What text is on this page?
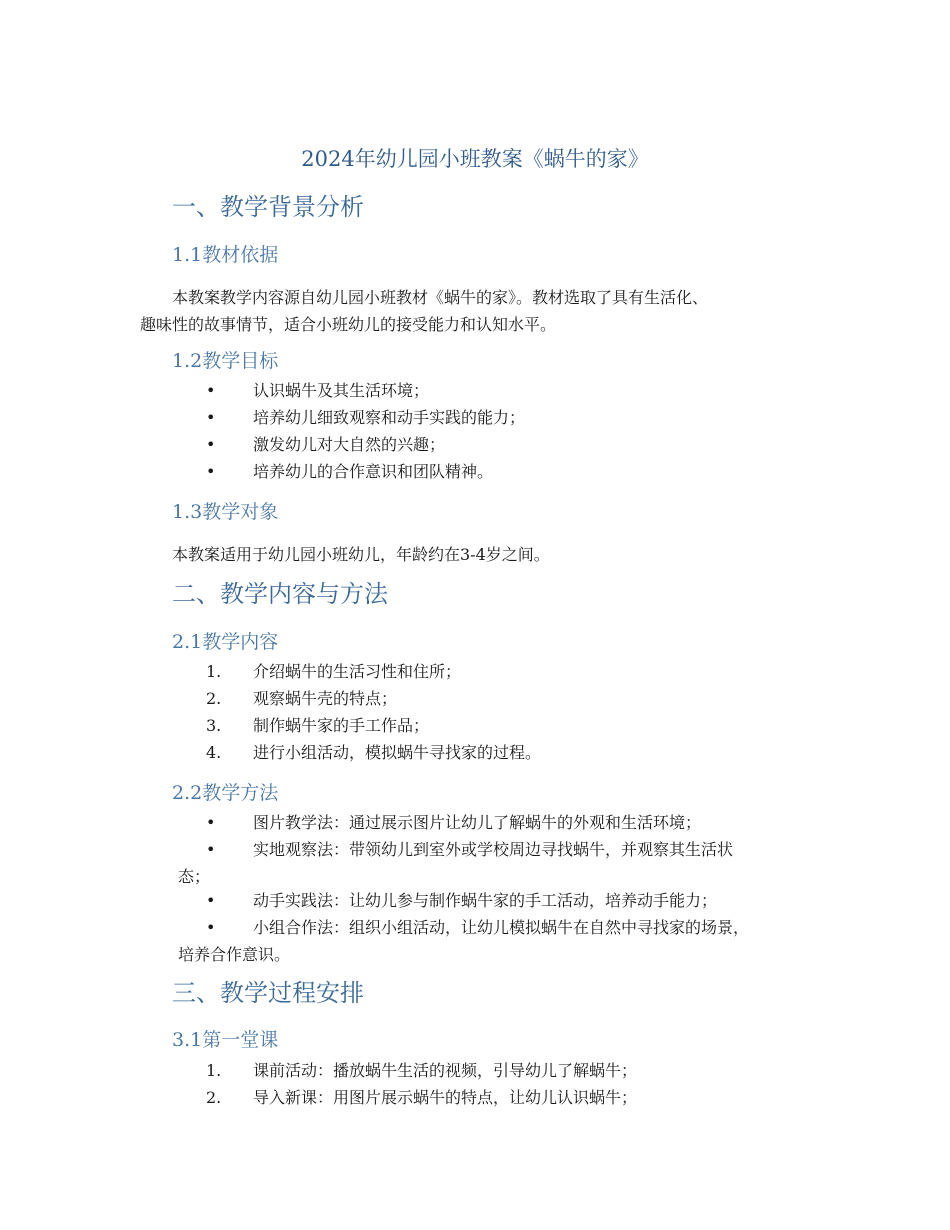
2024年幼儿园小班教案《蜗牛的家》
一、教学背景分析
1.1教材依据
本教案教学内容源自幼儿园小班教材《蜗牛的家》。教材选取了具有生活化、
趣味性的故事情节，适合小班幼儿的接受能力和认知水平。
1.2教学目标
•	认识蜗牛及其生活环境；
•	培养幼儿细致观察和动手实践的能力；
•	激发幼儿对大自然的兴趣；
•	培养幼儿的合作意识和团队精神。
1.3教学对象
本教案适用于幼儿园小班幼儿，年龄约在3-4岁之间。
二、教学内容与方法
2.1教学内容
1.	介绍蜗牛的生活习性和住所；
2.	观察蜗牛壳的特点；
3.	制作蜗牛家的手工作品；
4.	进行小组活动，模拟蜗牛寻找家的过程。
2.2教学方法
•	图片教学法：通过展示图片让幼儿了解蜗牛的外观和生活环境；
•	实地观察法：带领幼儿到室外或学校周边寻找蜗牛，并观察其生活状
态；
•	动手实践法：让幼儿参与制作蜗牛家的手工活动，培养动手能力；
•	小组合作法：组织小组活动，让幼儿模拟蜗牛在自然中寻找家的场景，
培养合作意识。
三、教学过程安排
3.1第一堂课
1.	课前活动：播放蜗牛生活的视频，引导幼儿了解蜗牛；
2.	导入新课：用图片展示蜗牛的特点，让幼儿认识蜗牛；
